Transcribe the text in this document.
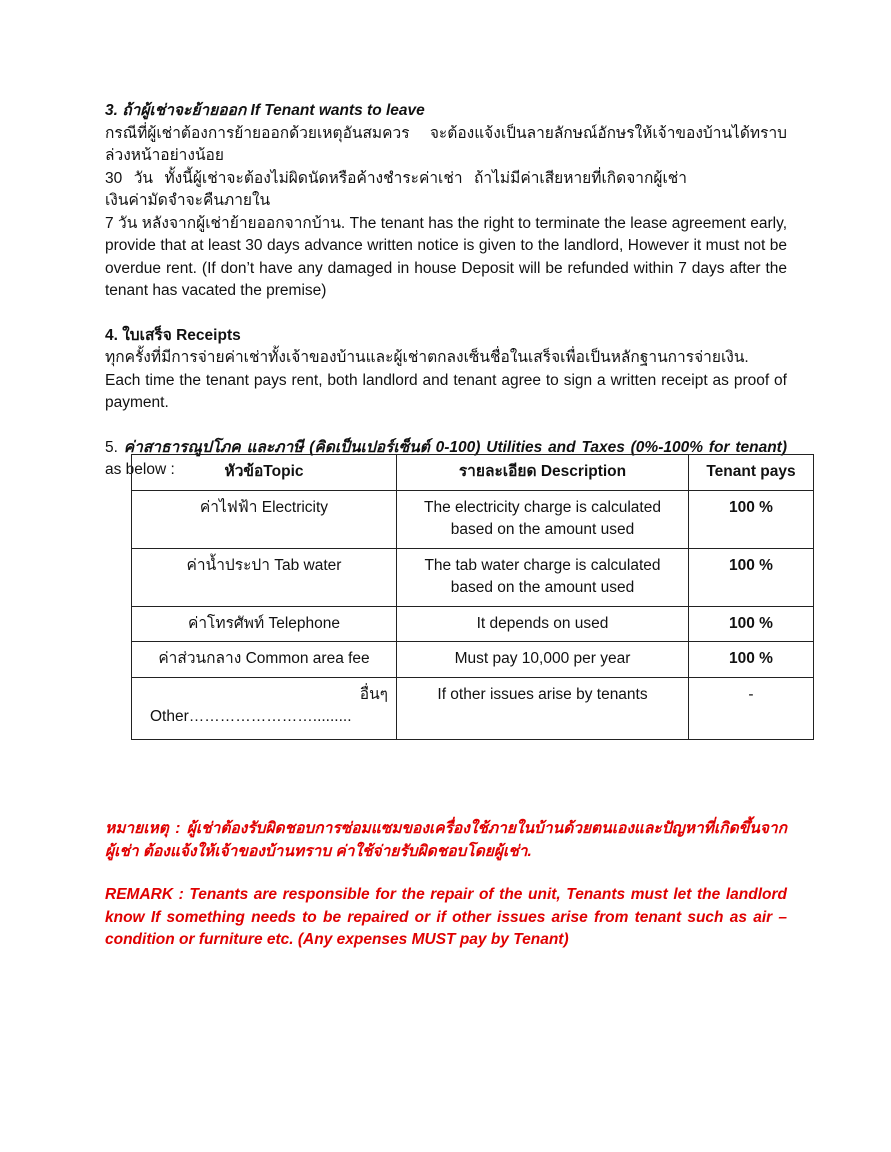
3. ถ้าผู้เช่าจะย้ายออก If Tenant wants to leave

กรณีที่ผู้เช่าต้องการย้ายออกด้วยเหตุอันสมควร จะต้องแจ้งเป็นลายลักษณ์อักษรให้เจ้าของบ้านได้ทราบล่วงหน้าอย่างน้อย

30 วัน ทั้งนี้ผู้เช่าจะต้องไม่ผิดนัดหรือค้างชำระค่าเช่า ถ้าไม่มีค่าเสียหายที่เกิดจากผู้เช่าเงินค่ามัดจำจะคืนภายใน

7 วัน หลังจากผู้เช่าย้ายออกจากบ้าน. The tenant has the right to terminate the lease agreement early, provide that at least 30 days advance written notice is given to the landlord, However it must not be overdue rent. (If don’t have any damaged in house Deposit will be refunded within 7 days after the tenant has vacated the premise)

4. ใบเสร็จ Receipts

ทุกครั้งที่มีการจ่ายค่าเช่าทั้งเจ้าของบ้านและผู้เช่าตกลงเซ็นชื่อในเสร็จเพื่อเป็นหลักฐานการจ่ายเงิน.

Each time the tenant pays rent, both landlord and tenant agree to sign a written receipt as proof of payment.

5. ค่าสาธารณูปโภค และภาษี (คิดเป็นเปอร์เซ็นต์ 0-100) Utilities and Taxes (0%-100% for tenant) as below :	หัวข้อTopic	รายละเอียด Description	Tenant pays
ค่าไฟฟ้า Electricity	The electricity charge is calculated based on the amount used	100 %
ค่าน้ำประปา Tab water	The tab water charge is calculated based on the amount used	100 %
ค่าโทรศัพท์ Telephone	It depends on used	100 %
ค่าส่วนกลาง Common area fee	Must pay 10,000 per year	100 %

อื่นๆ
Other…………………….........	If other issues arise by tenants	-

หมายเหตุ : ผู้เช่าต้องรับผิดชอบการซ่อมแซมของเครื่องใช้ภายในบ้านด้วยตนเองและปัญหาที่เกิดขึ้นจากผู้เช่า ต้องแจ้งให้เจ้าของบ้านทราบ ค่าใช้จ่ายรับผิดชอบโดยผู้เช่า.

REMARK : Tenants are responsible for the repair of the unit, Tenants must let the landlord know If something needs to be repaired or if other issues arise from tenant such as air – condition or furniture etc. (Any expenses MUST pay by Tenant)
